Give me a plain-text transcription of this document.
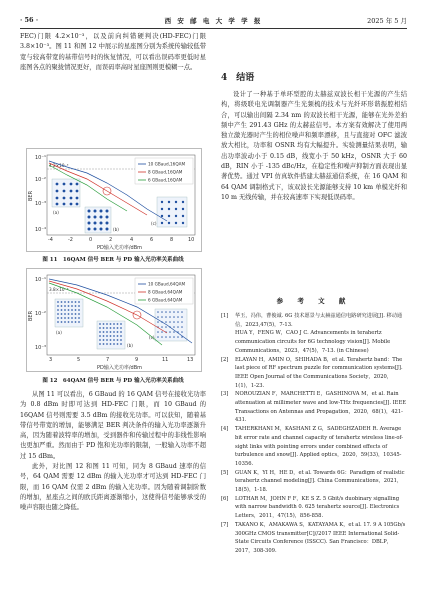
· 56 ·	西 安 邮 电 大 学 学 报	2025 年 5 月

FEC)门限 4.2×10⁻³，以及前向纠错硬判决(HD-FEC)门限 3.8×10⁻³。图 11 和图 12 中展示的星座图分别为系统传输较低带宽与较高带宽的基带信号时的恢复情况，可以看出误码率更低时星座图各点的聚拢情况更好，而误码率高时星座图则更模糊一点。

BER
10⁻¹
10⁻²
10⁻³
10⁻⁴
4.2×10⁻³
(a)
(b)
(c)
10 GBaud,16QAM
8 GBaud,16QAM
6 GBaud,16QAM
-4	-2	0	2	4	6	8	10
PD输入光功率/dBm
图 11　16QAM 信号 BER 与 PD 输入光功率关系曲线
BER
10⁻¹
10⁻²
10⁻³
3.8×10⁻³
(a)
(b)
(c)
10 GBaud,64QAM
8 GBaud,64QAM
6 GBaud,64QAM
3	5	7	9	11	13
PD输入光功率/dBm
图 12　64QAM 信号 BER 与 PD 输入光功率关系曲线

从图 11 可以看出，6 GBaud 的 16 QAM 信号在接收光功率为 0.8 dBm 时即可达到 HD-FEC 门限，而 10 GBaud 的 16QAM 信号则需要 3.5 dBm 的接收光功率。可以获知，随着基带信号带宽的增加，能够满足 BER 判决条件的输入光功率逐渐升高，因为随着波特率的增加，受到器件和传输过程中的非线性影响也更加严重。然而由于 PD 饱和光功率的限制，一般输入功率不超过 15 dBm。

此外，对比图 12 和图 11 可知，同为 8 GBaud 速率的信号，64 QAM 需要 12 dBm 的输入光功率才可达到 HD-FEC 门限，而 16 QAM 仅需 2 dBm 的输入光功率。因为随着调制阶数的增加，星座点之间的欧氏距离逐渐缩小，这使得信号能够承受的噪声容限也随之降低。

4　结语

设计了一种基于单环型腔的太赫兹双波长相干光源的产生结构，将级联电光调制器产生光频梳的技术与光纤环形谐振腔相结合，可以输出间隔 2.34 nm 的双波长相干光源，能够在光外差拍频中产生 291.43 GHz 的太赫兹信号。本方案有效解决了使用两独立激光器时产生的相位噪声和频率漂移，且与直接对 OFC 滤波放大相比，功率和 OSNR 均有大幅提升。实验测量结果表明，输出功率波动小于 0.15 dB，线宽小于 50 kHz，OSNR 大于 60 dB，RIN 小于 -135 dBc/Hz，在稳定性和噪声抑制方面表现出显著优势。通过 VPI 仿真软件搭建太赫兹通信系统，在 16 QAM 和 64 QAM 调制格式下，该双波长光源能够支持 10 km 单模光纤和 10 m 无线传输，并在较高速率下实现低误码率。

参 考 文 献
[1] 华玉，冯伟，曹俊诚. 6G 技术愿景与太赫兹通信电路研究进展[J]. 移动通信，2023,47(5)，7-13.
HUA Y，FENG W，CAO J C. Advancements in terahertz communication circuits for 6G technology vision[J]. Mobile Communications，2023，47(5)，7-13. (in Chinese)
[2] ELAYAN H，AMIN O，SHIHADA B，et al. Terahertz band：The last piece of RF spectrum puzzle for communication systems[J]. IEEE Open Journal of the Communications Society，2020，1(1)，1-23.
[3] NOROUZIAN F，MARCHETTI E，GASHINOVA M，et al. Rain attenuation at millimeter wave and low-THz frequencies[J]. IEEE Transactions on Antennas and Propagation，2020，68(1)，421-431.
[4] TAHERKHANI M，KASHANI Z G，SADEGHZADEH R. Average bit error rate and channel capacity of terahertz wireless line-of-sight links with pointing errors under combined effects of turbulence and snow[J]. Applied optics，2020，59(33)，10345-10356.
[5] GUAN K，YI H，HE D，et al. Towards 6G：Paradigm of realistic terahertz channel modeling[J]. China Communications，2021，18(5)，1-18.
[6] LOTHAR M，JOHN F F，KE S Z. 5 Gbit/s duobinary signalling with narrow bandwidth 0. 625 terahertz source[J]. Electronics Letters，2011，47(15)，856-858.
[7] TAKANO K，AMAKAWA S，KATAYAMA K，et al. 17. 9 A 105Gb/s 300GHz CMOS transmitter[C]//2017 IEEE International Solid-State Circuits Conference (ISSCC). San Francisco：DBLP，2017，308-309.
